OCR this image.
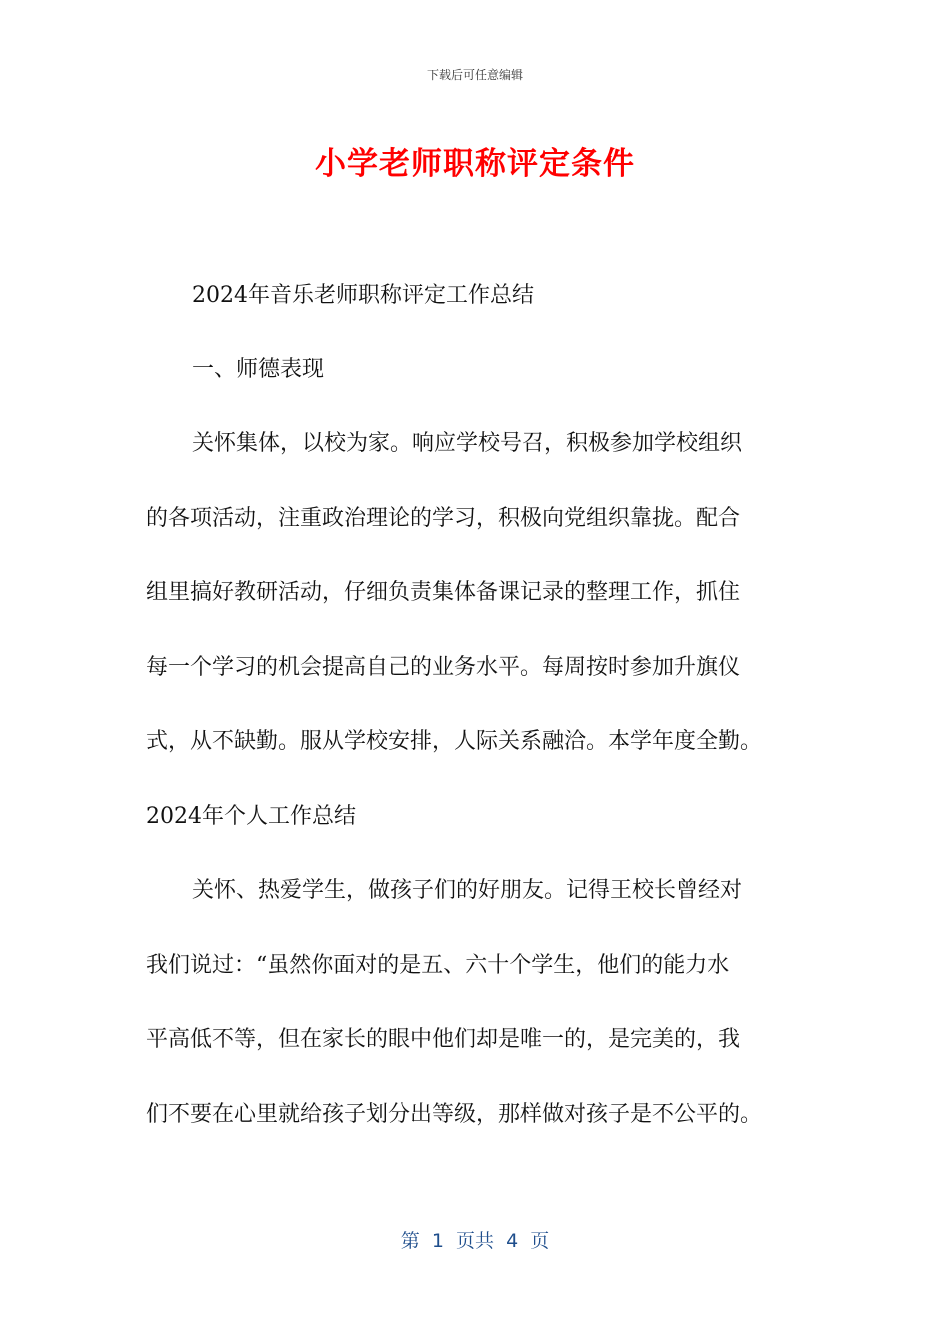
下载后可任意编辑
小学老师职称评定条件
2024年音乐老师职称评定工作总结
一、师德表现
关怀集体，以校为家。响应学校号召，积极参加学校组织
的各项活动，注重政治理论的学习，积极向党组织靠拢。配合
组里搞好教研活动，仔细负责集体备课记录的整理工作，抓住
每一个学习的机会提高自己的业务水平。每周按时参加升旗仪
式，从不缺勤。服从学校安排，人际关系融洽。本学年度全勤。
2024年个人工作总结
关怀、热爱学生，做孩子们的好朋友。记得王校长曾经对
我们说过：“虽然你面对的是五、六十个学生，他们的能力水
平高低不等，但在家长的眼中他们却是唯一的，是完美的，我
们不要在心里就给孩子划分出等级，那样做对孩子是不公平的。
第  1  页共  4  页
